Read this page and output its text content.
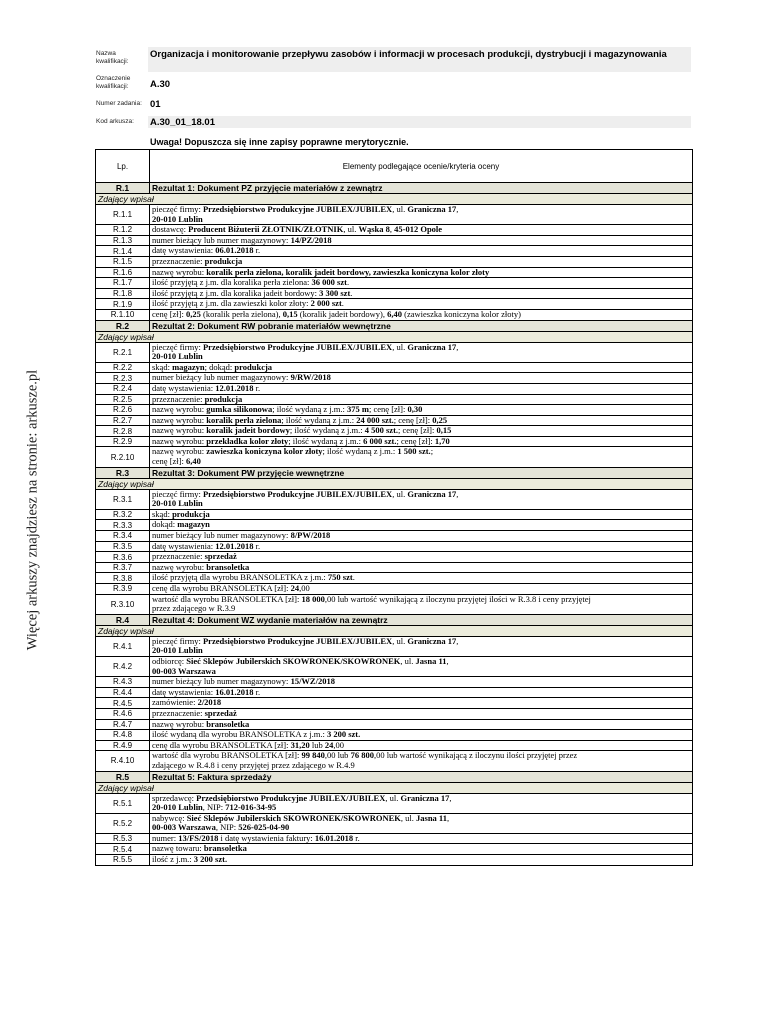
Nazwa kwalifikacji:
Organizacja i monitorowanie przepływu zasobów i informacji w procesach produkcji, dystrybucji i magazynowania
Oznaczenie kwalifikacji:	A.30
Numer zadania: 01
Kod arkusza:	A.30_01_18.01
Uwaga! Dopuszcza się inne zapisy poprawne merytorycznie.
Więcej arkuszy znajdziesz na stronie: arkusze.pl
Lp.	Elementy podlegające ocenie/kryteria oceny
R.1	Rezultat 1: Dokument PZ przyjęcie materiałów z zewnątrz
Zdający wpisał	
R.1.1	pieczęć firmy: Przedsiębiorstwo Produkcyjne JUBILEX/JUBILEX, ul. Graniczna 17,
20-010 Lublin
R.1.2	dostawcę: Producent Biżuterii ZŁOTNIK/ZŁOTNIK, ul. Wąska 8, 45-012 Opole
R.1.3	numer bieżący lub numer magazynowy: 14/PZ/2018
R.1.4	datę wystawienia: 06.01.2018 r.
R.1.5	przeznaczenie: produkcja
R.1.6	nazwę wyrobu: koralik perła zielona, koralik jadeit bordowy, zawieszka koniczyna kolor złoty
R.1.7	ilość przyjętą z j.m. dla koralika perła zielona: 36 000 szt.
R.1.8	ilość przyjętą z j.m. dla koralika jadeit bordowy: 3 300 szt.
R.1.9	ilość przyjętą z j.m. dla zawieszki kolor złoty: 2 000 szt.
R.1.10	cenę [zł]: 0,25 (koralik perła zielona), 0,15 (koralik jadeit bordowy), 6,40 (zawieszka koniczyna kolor złoty)
R.2	Rezultat 2: Dokument RW pobranie materiałów wewnętrzne
Zdający wpisał	
R.2.1	pieczęć firmy: Przedsiębiorstwo Produkcyjne JUBILEX/JUBILEX, ul. Graniczna 17,
20-010 Lublin
R.2.2	skąd: magazyn; dokąd: produkcja
R.2.3	numer bieżący lub numer magazynowy: 9/RW/2018
R.2.4	datę wystawienia: 12.01.2018 r.
R.2.5	przeznaczenie: produkcja
R.2.6	nazwę wyrobu: gumka silikonowa; ilość wydaną z j.m.: 375 m; cenę [zł]: 0,30
R.2.7	nazwę wyrobu: koralik perła zielona; ilość wydaną z j.m.: 24 000 szt.; cenę [zł]: 0,25
R.2.8	nazwę wyrobu: koralik jadeit bordowy; ilość wydaną z j.m.: 4 500 szt.; cenę [zł]: 0,15
R.2.9	nazwę wyrobu: przekładka kolor złoty; ilość wydaną z j.m.: 6 000 szt.; cenę [zł]: 1,70
R.2.10	nazwę wyrobu: zawieszka koniczyna kolor złoty; ilość wydaną z j.m.: 1 500 szt.;
cenę [zł]: 6,40
R.3	Rezultat 3: Dokument PW przyjęcie wewnętrzne
Zdający wpisał	
R.3.1	pieczęć firmy: Przedsiębiorstwo Produkcyjne JUBILEX/JUBILEX, ul. Graniczna 17,
20-010 Lublin
R.3.2	skąd: produkcja
R.3.3	dokąd: magazyn
R.3.4	numer bieżący lub numer magazynowy: 8/PW/2018
R.3.5	datę wystawienia: 12.01.2018 r.
R.3.6	przeznaczenie: sprzedaż
R.3.7	nazwę wyrobu: bransoletka
R.3.8	ilość przyjętą dla wyrobu BRANSOLETKA z j.m.: 750 szt.
R.3.9	cenę dla wyrobu BRANSOLETKA [zł]: 24,00
R.3.10	wartość dla wyrobu BRANSOLETKA [zł]: 18 000,00 lub wartość wynikającą z iloczynu przyjętej ilości w R.3.8 i ceny przyjętej
przez zdającego w R.3.9
R.4	Rezultat 4: Dokument WZ wydanie materiałów na zewnątrz
Zdający wpisał	
R.4.1	pieczęć firmy: Przedsiębiorstwo Produkcyjne JUBILEX/JUBILEX, ul. Graniczna 17,
20-010 Lublin
R.4.2	odbiorcę: Sieć Sklepów Jubilerskich SKOWRONEK/SKOWRONEK, ul. Jasna 11,
00-003 Warszawa
R.4.3	numer bieżący lub numer magazynowy: 15/WZ/2018
R.4.4	datę wystawienia: 16.01.2018 r.
R.4.5	zamówienie: 2/2018
R.4.6	przeznaczenie: sprzedaż
R.4.7	nazwę wyrobu: bransoletka
R.4.8	ilość wydaną dla wyrobu BRANSOLETKA z j.m.: 3 200 szt.
R.4.9	cenę dla wyrobu BRANSOLETKA [zł]: 31,20 lub 24,00
R.4.10	wartość dla wyrobu BRANSOLETKA [zł]: 99 840,00 lub 76 800,00 lub wartość wynikającą z iloczynu ilości przyjętej przez
zdającego w R.4.8 i ceny przyjętej przez zdającego w R.4.9
R.5	Rezultat 5: Faktura sprzedaży
Zdający wpisał	
R.5.1	sprzedawcę: Przedsiębiorstwo Produkcyjne JUBILEX/JUBILEX, ul. Graniczna 17,
20-010 Lublin, NIP: 712-016-34-95
R.5.2	nabywcę: Sieć Sklepów Jubilerskich SKOWRONEK/SKOWRONEK, ul. Jasna 11,
00-003 Warszawa, NIP: 526-025-04-90
R.5.3	numer: 13/FS/2018 i datę wystawienia faktury: 16.01.2018 r.
R.5.4	nazwę towaru: bransoletka
R.5.5	ilość z j.m.: 3 200 szt.
